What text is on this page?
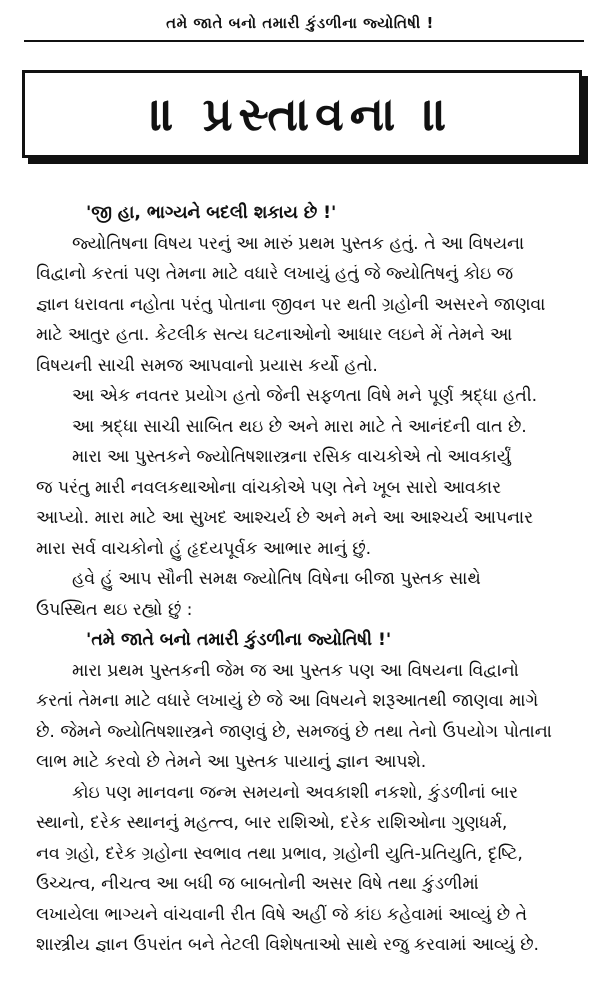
તમે જાતે બનો તમારી કુંડળીના જ્યોતિષી !
॥ પ્રસ્તાવના ॥
'જી હા, ભાગ્યને બદલી શકાય છે !'
જ્યોતિષના વિષય પરનું આ મારું પ્રથમ પુસ્તક હતું. તે આ વિષયના
વિદ્વાનો કરતાં પણ તેમના માટે વધારે લખાયું હતું જે જ્યોતિષનું કોઇ જ
જ્ઞાન ધરાવતા નહોતા પરંતુ પોતાના જીવન પર થતી ગ્રહોની અસરને જાણવા
માટે આતુર હતા. કેટલીક સત્ય ઘટનાઓનો આધાર લઇને મેં તેમને આ
વિષયની સાચી સમજ આપવાનો પ્રયાસ કર્યો હતો.
આ એક નવતર પ્રયોગ હતો જેની સફળતા વિષે મને પૂર્ણ શ્રદ્ધા હતી.
આ શ્રદ્ધા સાચી સાબિત થઇ છે અને મારા માટે તે આનંદની વાત છે.
મારા આ પુસ્તકને જ્યોતિષશાસ્ત્રના રસિક વાચકોએ તો આવકાર્યું
જ પરંતુ મારી નવલકથાઓના વાંચકોએ પણ તેને ખૂબ સારો આવકાર
આપ્યો. મારા માટે આ સુખદ આશ્ચર્ય છે અને મને આ આશ્ચર્ય આપનાર
મારા સર્વ વાચકોનો હું હૃદયપૂર્વક આભાર માનું છું.
હવે હું આપ સૌની સમક્ષ જ્યોતિષ વિષેના બીજા પુસ્તક સાથે
ઉપસ્થિત થઇ રહ્યો છું :
'તમે જાતે બનો તમારી કુંડળીના જ્યોતિષી !'
મારા પ્રથમ પુસ્તકની જેમ જ આ પુસ્તક પણ આ વિષયના વિદ્વાનો
કરતાં તેમના માટે વધારે લખાયું છે જે આ વિષયને શરૂઆતથી જાણવા માગે
છે. જેમને જ્યોતિષશાસ્ત્રને જાણવું છે, સમજવું છે તથા તેનો ઉપયોગ પોતાના
લાભ માટે કરવો છે તેમને આ પુસ્તક પાયાનું જ્ઞાન આપશે.
કોઇ પણ માનવના જન્મ સમયનો અવકાશી નકશો, કુંડળીનાં બાર
સ્થાનો, દરેક સ્થાનનું મહત્ત્વ, બાર રાશિઓ, દરેક રાશિઓના ગુણધર્મ,
નવ ગ્રહો, દરેક ગ્રહોના સ્વભાવ તથા પ્રભાવ, ગ્રહોની યુતિ-પ્રતિયુતિ, દૃષ્ટિ,
ઉચ્ચત્વ, નીચત્વ આ બધી જ બાબતોની અસર વિષે તથા કુંડળીમાં
લખાયેલા ભાગ્યને વાંચવાની રીત વિષે અહીં જે કાંઇ કહેવામાં આવ્યું છે તે
શાસ્ત્રીય જ્ઞાન ઉપરાંત બને તેટલી વિશેષતાઓ સાથે રજુ કરવામાં આવ્યું છે.
